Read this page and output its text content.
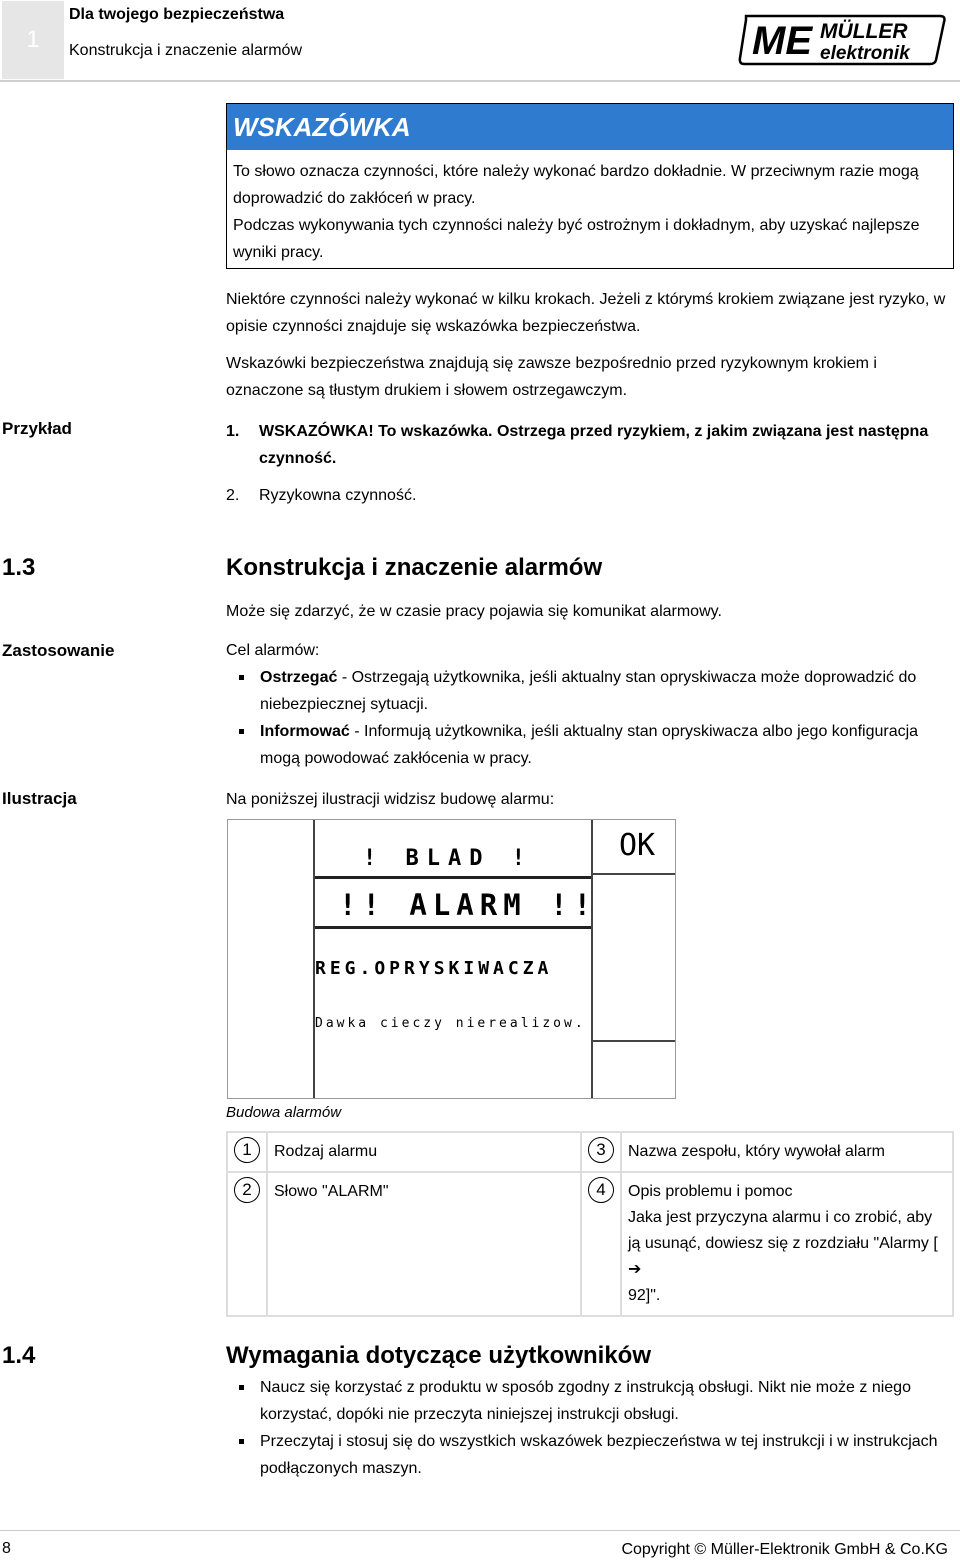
1
Dla twojego bezpieczeństwa
Konstrukcja i znaczenie alarmów	ME MÜLLER
elektronik
WSKAZÓWKA
To słowo oznacza czynności, które należy wykonać bardzo dokładnie. W przeciwnym razie mogą doprowadzić do zakłóceń w pracy.
Podczas wykonywania tych czynności należy być ostrożnym i dokładnym, aby uzyskać najlepsze wyniki pracy.
Niektóre czynności należy wykonać w kilku krokach. Jeżeli z którymś krokiem związane jest ryzyko, w opisie czynności znajduje się wskazówka bezpieczeństwa.
Wskazówki bezpieczeństwa znajdują się zawsze bezpośrednio przed ryzykownym krokiem i oznaczone są tłustym drukiem i słowem ostrzegawczym.
Przykład	1.	WSKAZÓWKA! To wskazówka. Ostrzega przed ryzykiem, z jakim związana jest następna czynność.
2.	Ryzykowna czynność.
1.3	Konstrukcja i znaczenie alarmów
Może się zdarzyć, że w czasie pracy pojawia się komunikat alarmowy.
Zastosowanie	Cel alarmów:
Ostrzegać - Ostrzegają użytkownika, jeśli aktualny stan opryskiwacza może doprowadzić do niebezpiecznej sytuacji.
Informować - Informują użytkownika, jeśli aktualny stan opryskiwacza albo jego konfiguracja mogą powodować zakłócenia w pracy.
Ilustracja	Na poniższej ilustracji widzisz budowę alarmu:
! BLAD !
!! ALARM !!
REG.OPRYSKIWACZA
Dawka cieczy nierealizow.
OK
Budowa alarmów
1	Rodzaj alarmu	3	Nazwa zespołu, który wywołał alarm
2	Słowo "ALARM"	4	Opis problemu i pomoc
Jaka jest przyczyna alarmu i co zrobić, aby ją usunąć, dowiesz się z rozdziału "Alarmy [➔
92]".
1.4	Wymagania dotyczące użytkowników
Naucz się korzystać z produktu w sposób zgodny z instrukcją obsługi. Nikt nie może z niego korzystać, dopóki nie przeczyta niniejszej instrukcji obsługi.
Przeczytaj i stosuj się do wszystkich wskazówek bezpieczeństwa w tej instrukcji i w instrukcjach podłączonych maszyn.
8	Copyright © Müller-Elektronik GmbH & Co.KG
